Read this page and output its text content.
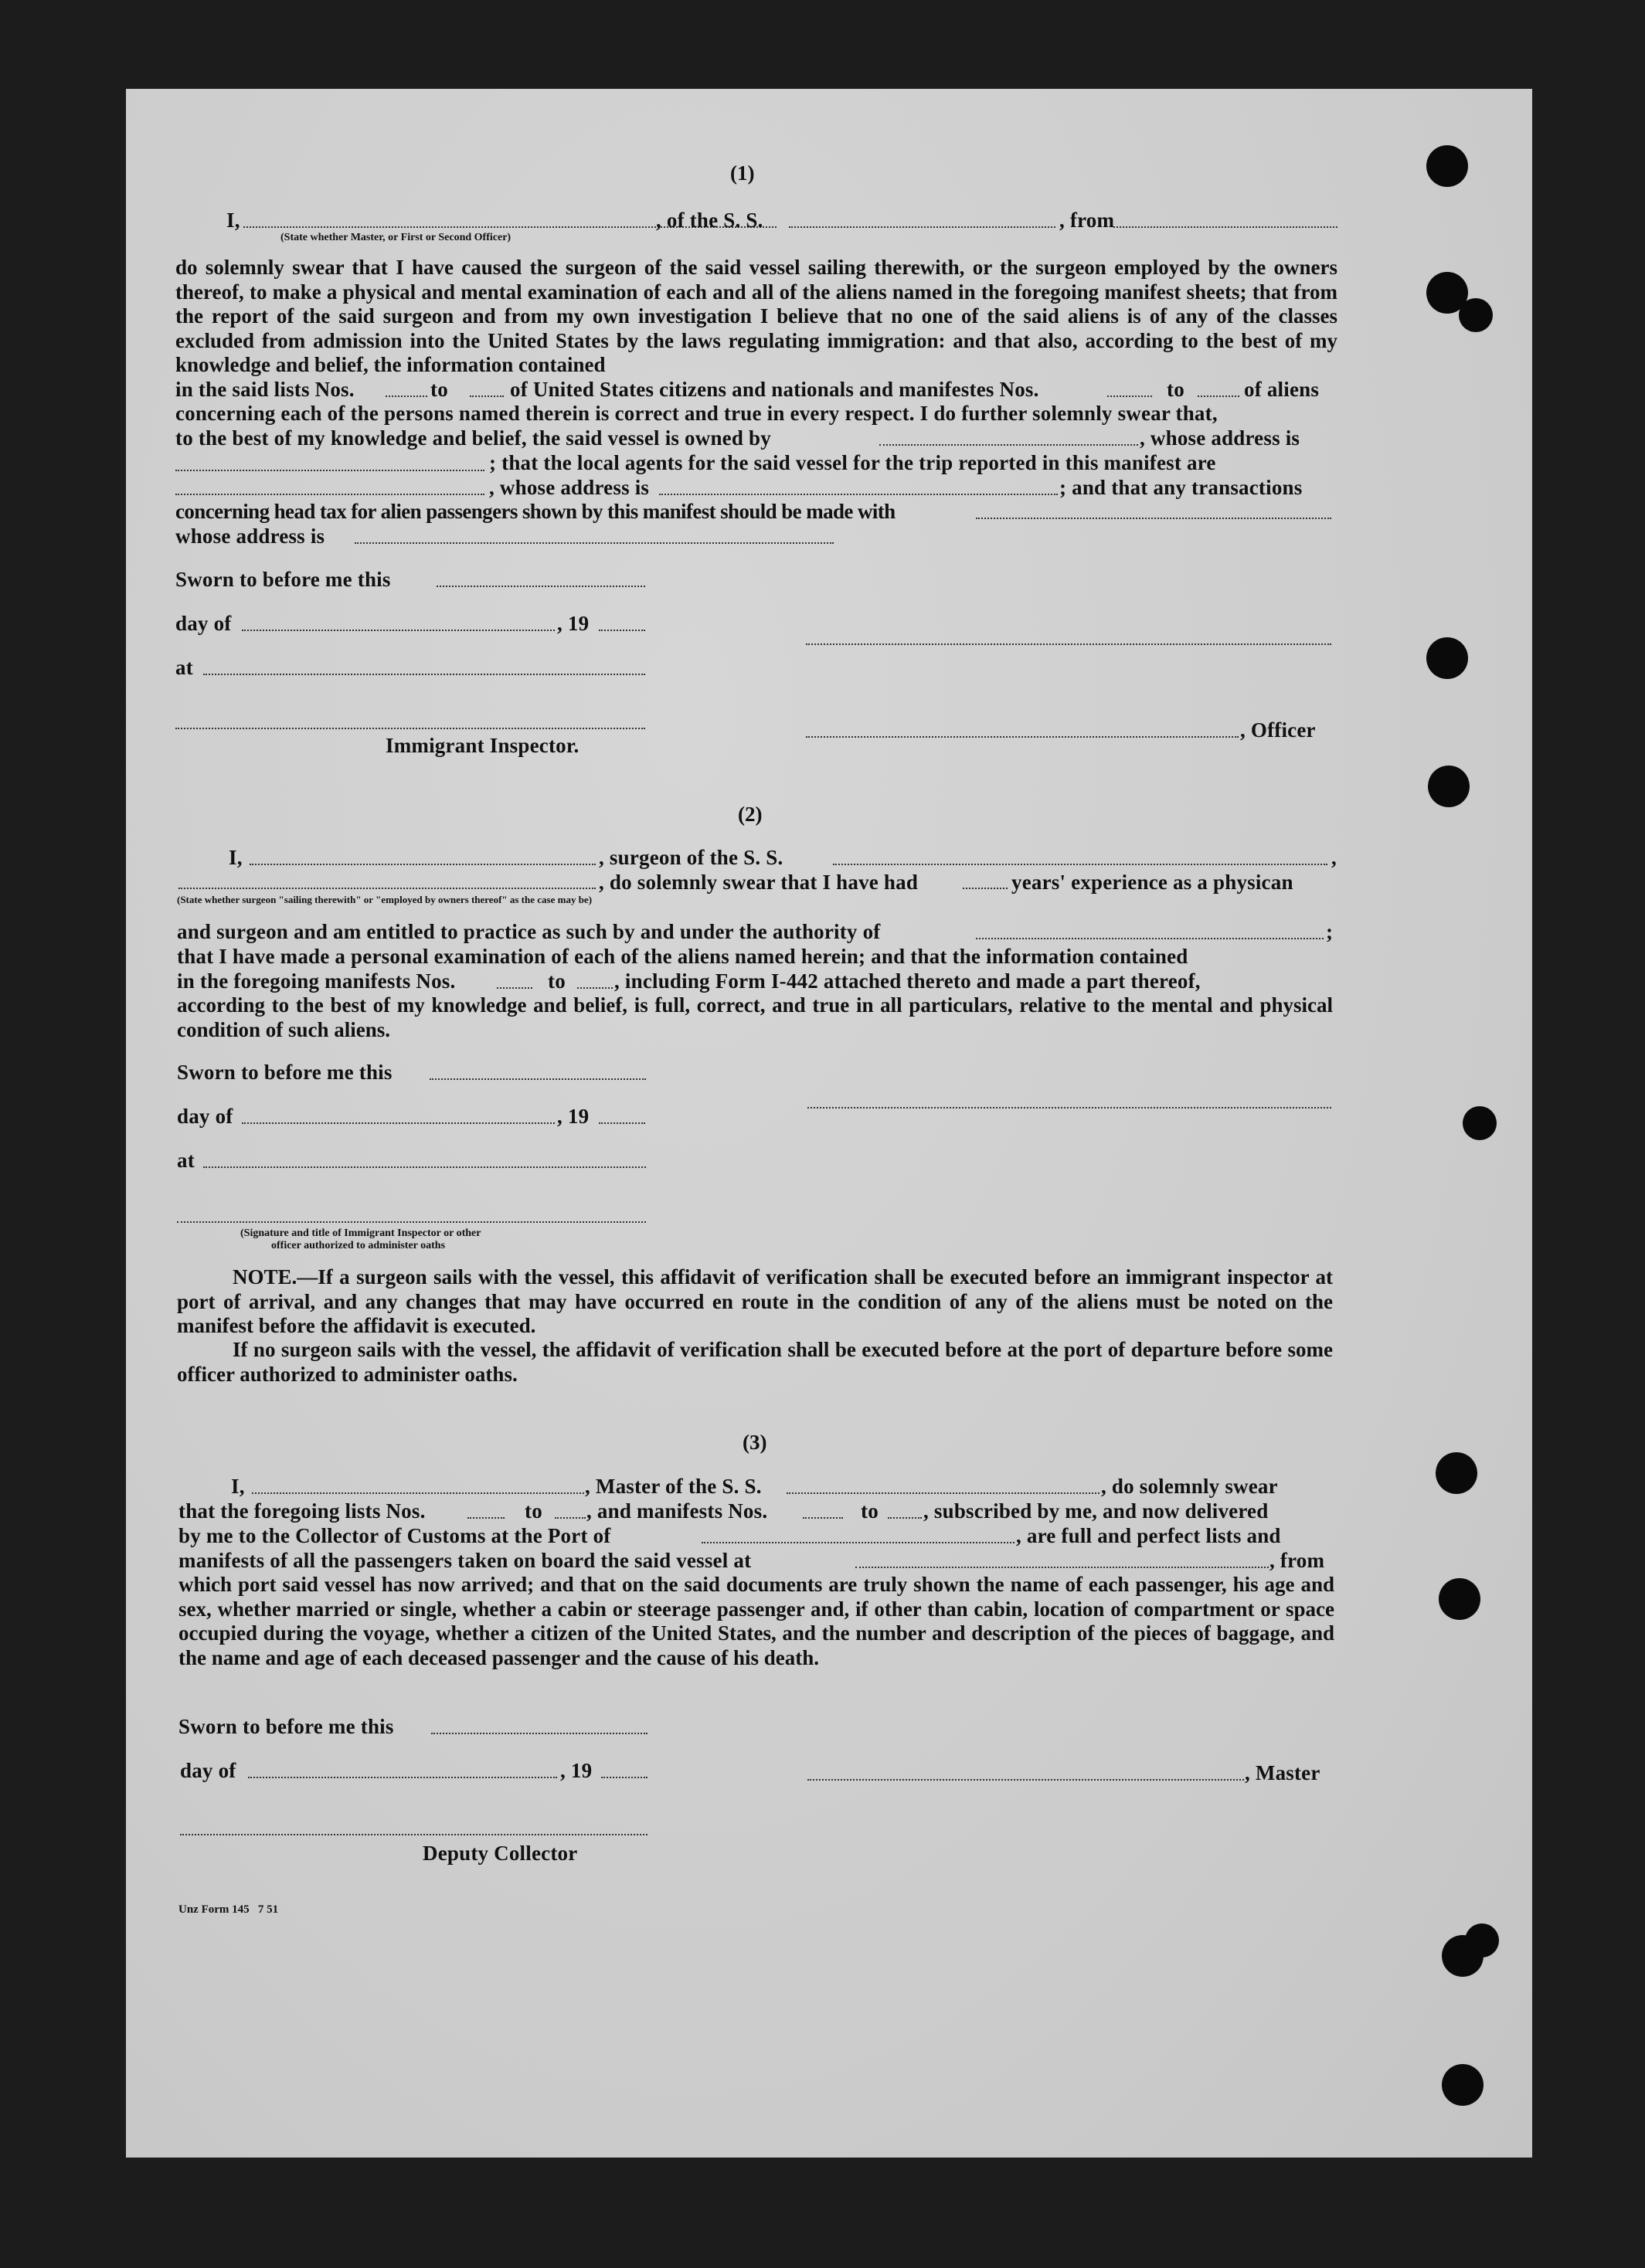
(1)
I,
(State whether Master, or First or Second Officer)
, of the S. S.	, from
do solemnly swear that I have caused the surgeon of the said vessel sailing therewith, or the surgeon employed by the owners thereof, to make a physical and mental examination of each and all of the aliens named in the foregoing manifest sheets; that from the report of the said surgeon and from my own investigation I believe that no one of the said aliens is of any of the classes excluded from admission into the United States by the laws regulating immigration: and that also, according to the best of my knowledge and belief, the information contained
in the said lists Nos.	to	of United States citizens and nationals and manifestes Nos.	to	of aliens
concerning each of the persons named therein is correct and true in every respect. I do further solemnly swear that,
to the best of my knowledge and belief, the said vessel is owned by	, whose address is
; that the local agents for the said vessel for the trip reported in this manifest are
, whose address is	; and that any transactions
concerning head tax for alien passengers shown by this manifest should be made with
whose address is
Sworn to before me this
day of	, 19
at
Immigrant Inspector.
, Officer
(2)
I,	, surgeon of the S. S.	,
, do solemnly swear that I have had	years' experience as a physican
(State whether surgeon "sailing therewith" or "employed by owners thereof" as the case may be)
and surgeon and am entitled to practice as such by and under the authority of	;
that I have made a personal examination of each of the aliens named herein; and that the information contained
in the foregoing manifests Nos.	to , including Form I-442 attached thereto and made a part thereof,
according to the best of my knowledge and belief, is full, correct, and true in all particulars, relative to the mental and physical condition of such aliens.
Sworn to before me this
day of	, 19
at
(Signature and title of Immigrant Inspector or other
officer authorized to administer oaths
NOTE.—If a surgeon sails with the vessel, this affidavit of verification shall be executed before an immigrant inspector at port of arrival, and any changes that may have occurred en route in the condition of any of the aliens must be noted on the manifest before the affidavit is executed.
If no surgeon sails with the vessel, the affidavit of verification shall be executed before at the port of departure before some officer authorized to administer oaths.
(3)
I,	, Master of the S. S.	, do solemnly swear
that the foregoing lists Nos.	to , and manifests Nos.	to , subscribed by me, and now delivered
by me to the Collector of Customs at the Port of	, are full and perfect lists and
manifests of all the passengers taken on board the said vessel at	, from
which port said vessel has now arrived; and that on the said documents are truly shown the name of each passenger, his age and sex, whether married or single, whether a cabin or steerage passenger and, if other than cabin, location of compartment or space occupied during the voyage, whether a citizen of the United States, and the number and description of the pieces of baggage, and the name and age of each deceased passenger and the cause of his death.
Sworn to before me this
day of	, 19	, Master
Deputy Collector
Unz Form 145   7 51
